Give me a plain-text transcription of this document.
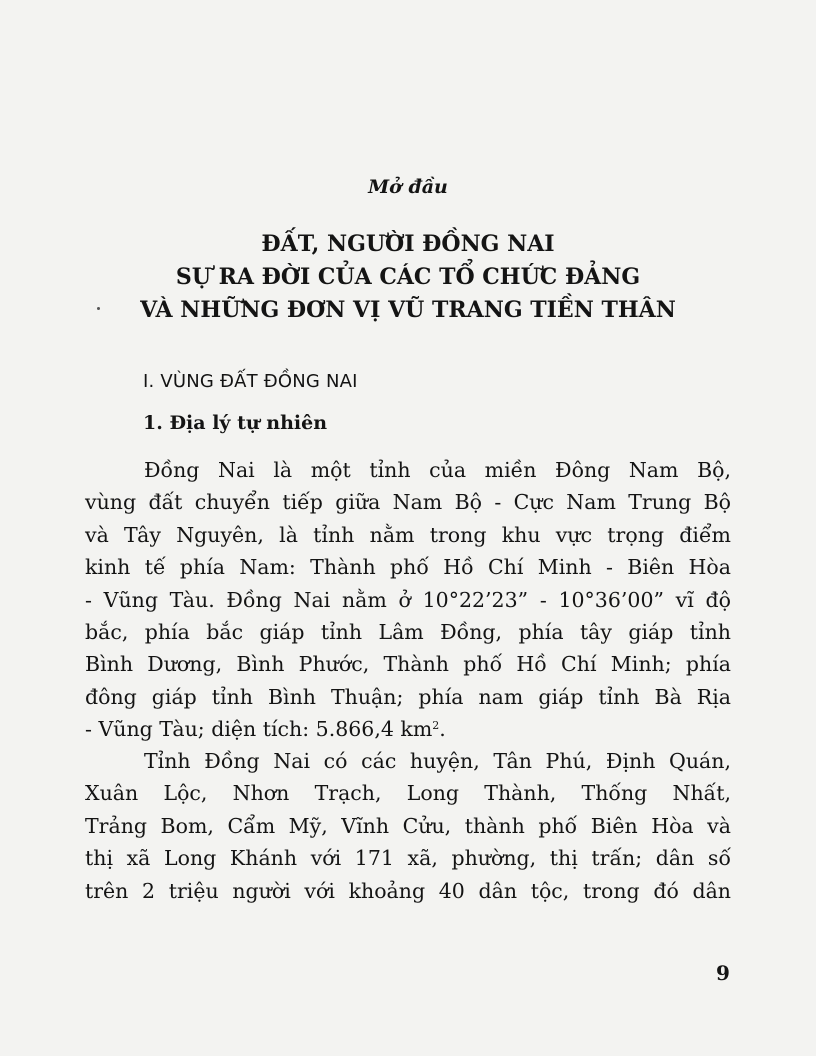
Mở đầu
ĐẤT, NGƯỜI ĐỒNG NAI
SỰ RA ĐỜI CỦA CÁC TỔ CHỨC ĐẢNG
VÀ NHỮNG ĐƠN VỊ VŨ TRANG TIỀN THÂN
I. VÙNG ĐẤT ĐỒNG NAI
1. Địa lý tự nhiên
Đồng Nai là một tỉnh của miền Đông Nam Bộ,
vùng đất chuyển tiếp giữa Nam Bộ - Cực Nam Trung Bộ
và Tây Nguyên, là tỉnh nằm trong khu vực trọng điểm
kinh tế phía Nam: Thành phố Hồ Chí Minh - Biên Hòa
- Vũng Tàu. Đồng Nai nằm ở 10°22’23” - 10°36’00” vĩ độ
bắc, phía bắc giáp tỉnh Lâm Đồng, phía tây giáp tỉnh
Bình Dương, Bình Phước, Thành phố Hồ Chí Minh; phía
đông giáp tỉnh Bình Thuận; phía nam giáp tỉnh Bà Rịa
- Vũng Tàu; diện tích: 5.866,4 $km^2$.
Tỉnh Đồng Nai có các huyện, Tân Phú, Định Quán,
Xuân Lộc, Nhơn Trạch, Long Thành, Thống Nhất,
Trảng Bom, Cẩm Mỹ, Vĩnh Cửu, thành phố Biên Hòa và
thị xã Long Khánh với 171 xã, phường, thị trấn; dân số
trên 2 triệu người với khoảng 40 dân tộc, trong đó dân
9
